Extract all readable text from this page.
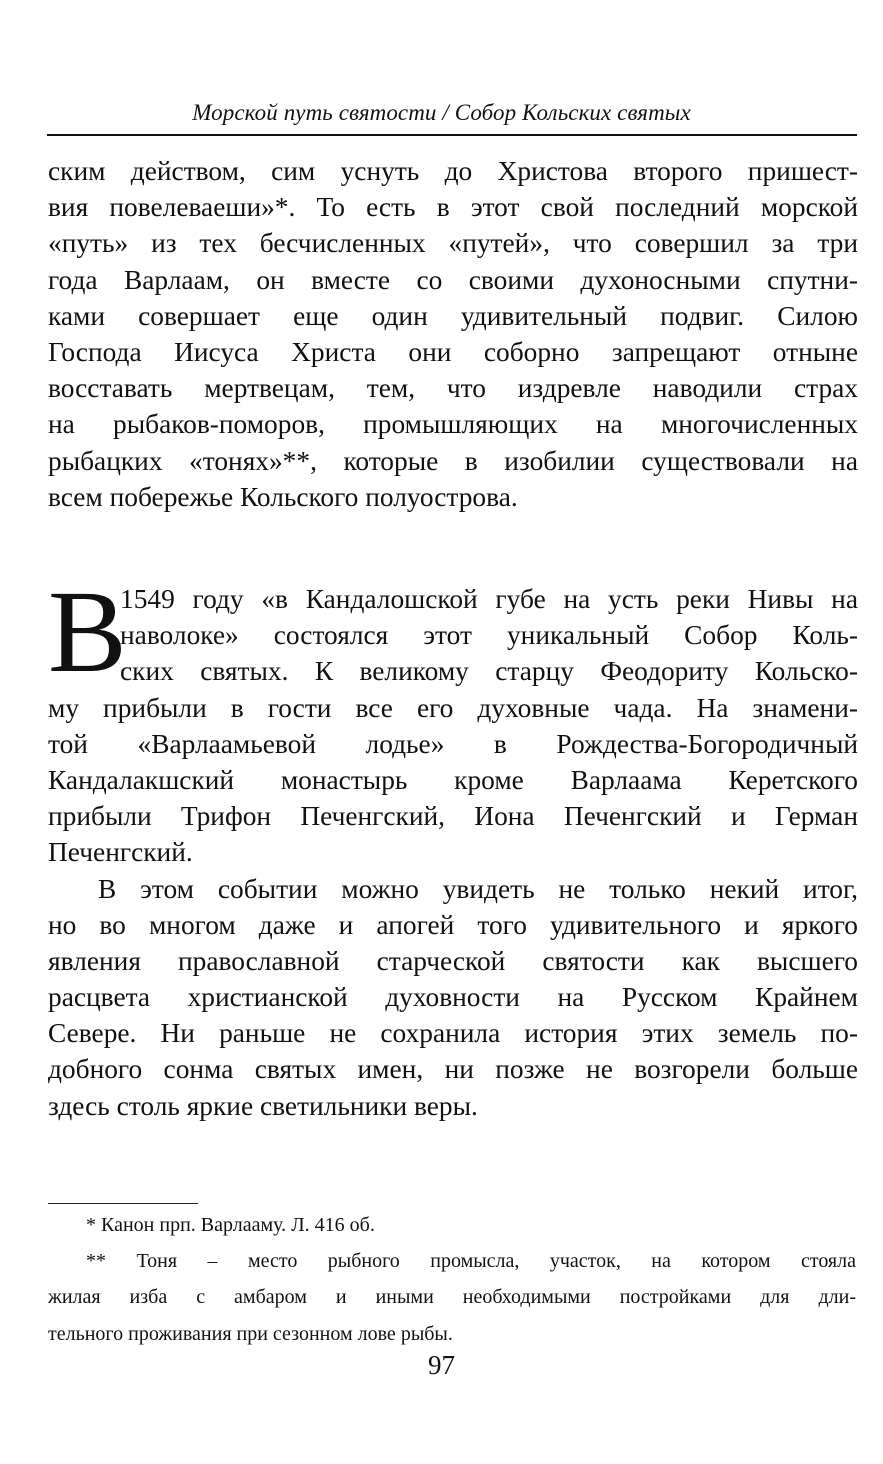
Морской путь святости / Собор Кольских святых
ским действом, сим уснуть до Христова второго пришест-
вия повелеваеши»*. То есть в этот свой последний морской
«путь» из тех бесчисленных «путей», что совершил за три
года Варлаам, он вместе со своими духоносными спутни-
ками совершает еще один удивительный подвиг. Силою
Господа Иисуса Христа они соборно запрещают отныне
восставать мертвецам, тем, что издревле наводили страх
на рыбаков-поморов, промышляющих на многочисленных
рыбацких «тонях»**, которые в изобилии существовали на
всем побережье Кольского полуострова.
В
1549 году «в Кандалошской губе на усть реки Нивы на
наволоке» состоялся этот уникальный Собор Коль-
ских святых. К великому старцу Феодориту Кольско-
му прибыли в гости все его духовные чада. На знамени-
той «Варлаамьевой лодье» в Рождества-Богородичный
Кандалакшский монастырь кроме Варлаама Керетского
прибыли Трифон Печенгский, Иона Печенгский и Герман
Печенгский.
В этом событии можно увидеть не только некий итог,
но во многом даже и апогей того удивительного и яркого
явления православной старческой святости как высшего
расцвета христианской духовности на Русском Крайнем
Севере. Ни раньше не сохранила история этих земель по-
добного сонма святых имен, ни позже не возгорели больше
здесь столь яркие светильники веры.
* Канон прп. Варлааму. Л. 416 об.
** Тоня – место рыбного промысла, участок, на котором стояла
жилая изба с амбаром и иными необходимыми постройками для дли-
тельного проживания при сезонном лове рыбы.
97
